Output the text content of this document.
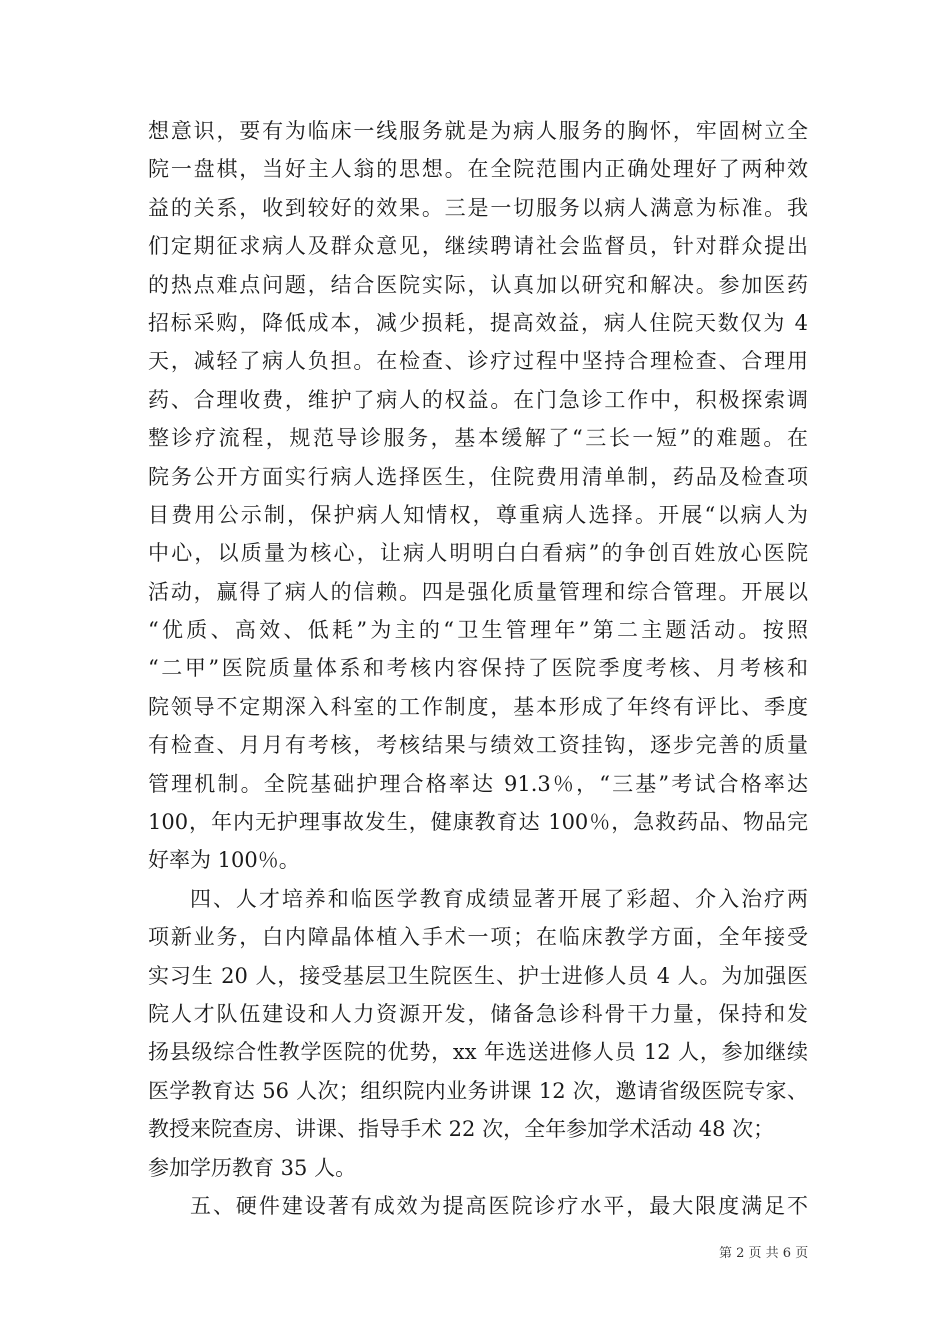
想意识，要有为临床一线服务就是为病人服务的胸怀，牢固树立全
院一盘棋，当好主人翁的思想。在全院范围内正确处理好了两种效
益的关系，收到较好的效果。三是一切服务以病人满意为标准。我
们定期征求病人及群众意见，继续聘请社会监督员，针对群众提出
的热点难点问题，结合医院实际，认真加以研究和解决。参加医药
招标采购，降低成本，减少损耗，提高效益，病人住院天数仅为 4
天，减轻了病人负担。在检查、诊疗过程中坚持合理检查、合理用
药、合理收费，维护了病人的权益。在门急诊工作中，积极探索调
整诊疗流程，规范导诊服务，基本缓解了“三长一短”的难题。在
院务公开方面实行病人选择医生，住院费用清单制，药品及检查项
目费用公示制，保护病人知情权，尊重病人选择。开展“以病人为
中心，以质量为核心，让病人明明白白看病”的争创百姓放心医院
活动，赢得了病人的信赖。四是强化质量管理和综合管理。开展以
“优质、高效、低耗”为主的“卫生管理年”第二主题活动。按照
“二甲”医院质量体系和考核内容保持了医院季度考核、月考核和
院领导不定期深入科室的工作制度，基本形成了年终有评比、季度
有检查、月月有考核，考核结果与绩效工资挂钩，逐步完善的质量
管理机制。全院基础护理合格率达 91.3％，“三基”考试合格率达
100，年内无护理事故发生，健康教育达 100％，急救药品、物品完
好率为 100％。
四、人才培养和临医学教育成绩显著开展了彩超、介入治疗两
项新业务，白内障晶体植入手术一项；在临床教学方面，全年接受
实习生 20 人，接受基层卫生院医生、护士进修人员 4 人。为加强医
院人才队伍建设和人力资源开发，储备急诊科骨干力量，保持和发
扬县级综合性教学医院的优势，xx 年选送进修人员 12 人，参加继续
医学教育达 56 人次；组织院内业务讲课 12 次，邀请省级医院专家、
教授来院查房、讲课、指导手术 22 次，全年参加学术活动 48 次；
参加学历教育 35 人。
五、硬件建设著有成效为提高医院诊疗水平，最大限度满足不
第 2 页 共 6 页
